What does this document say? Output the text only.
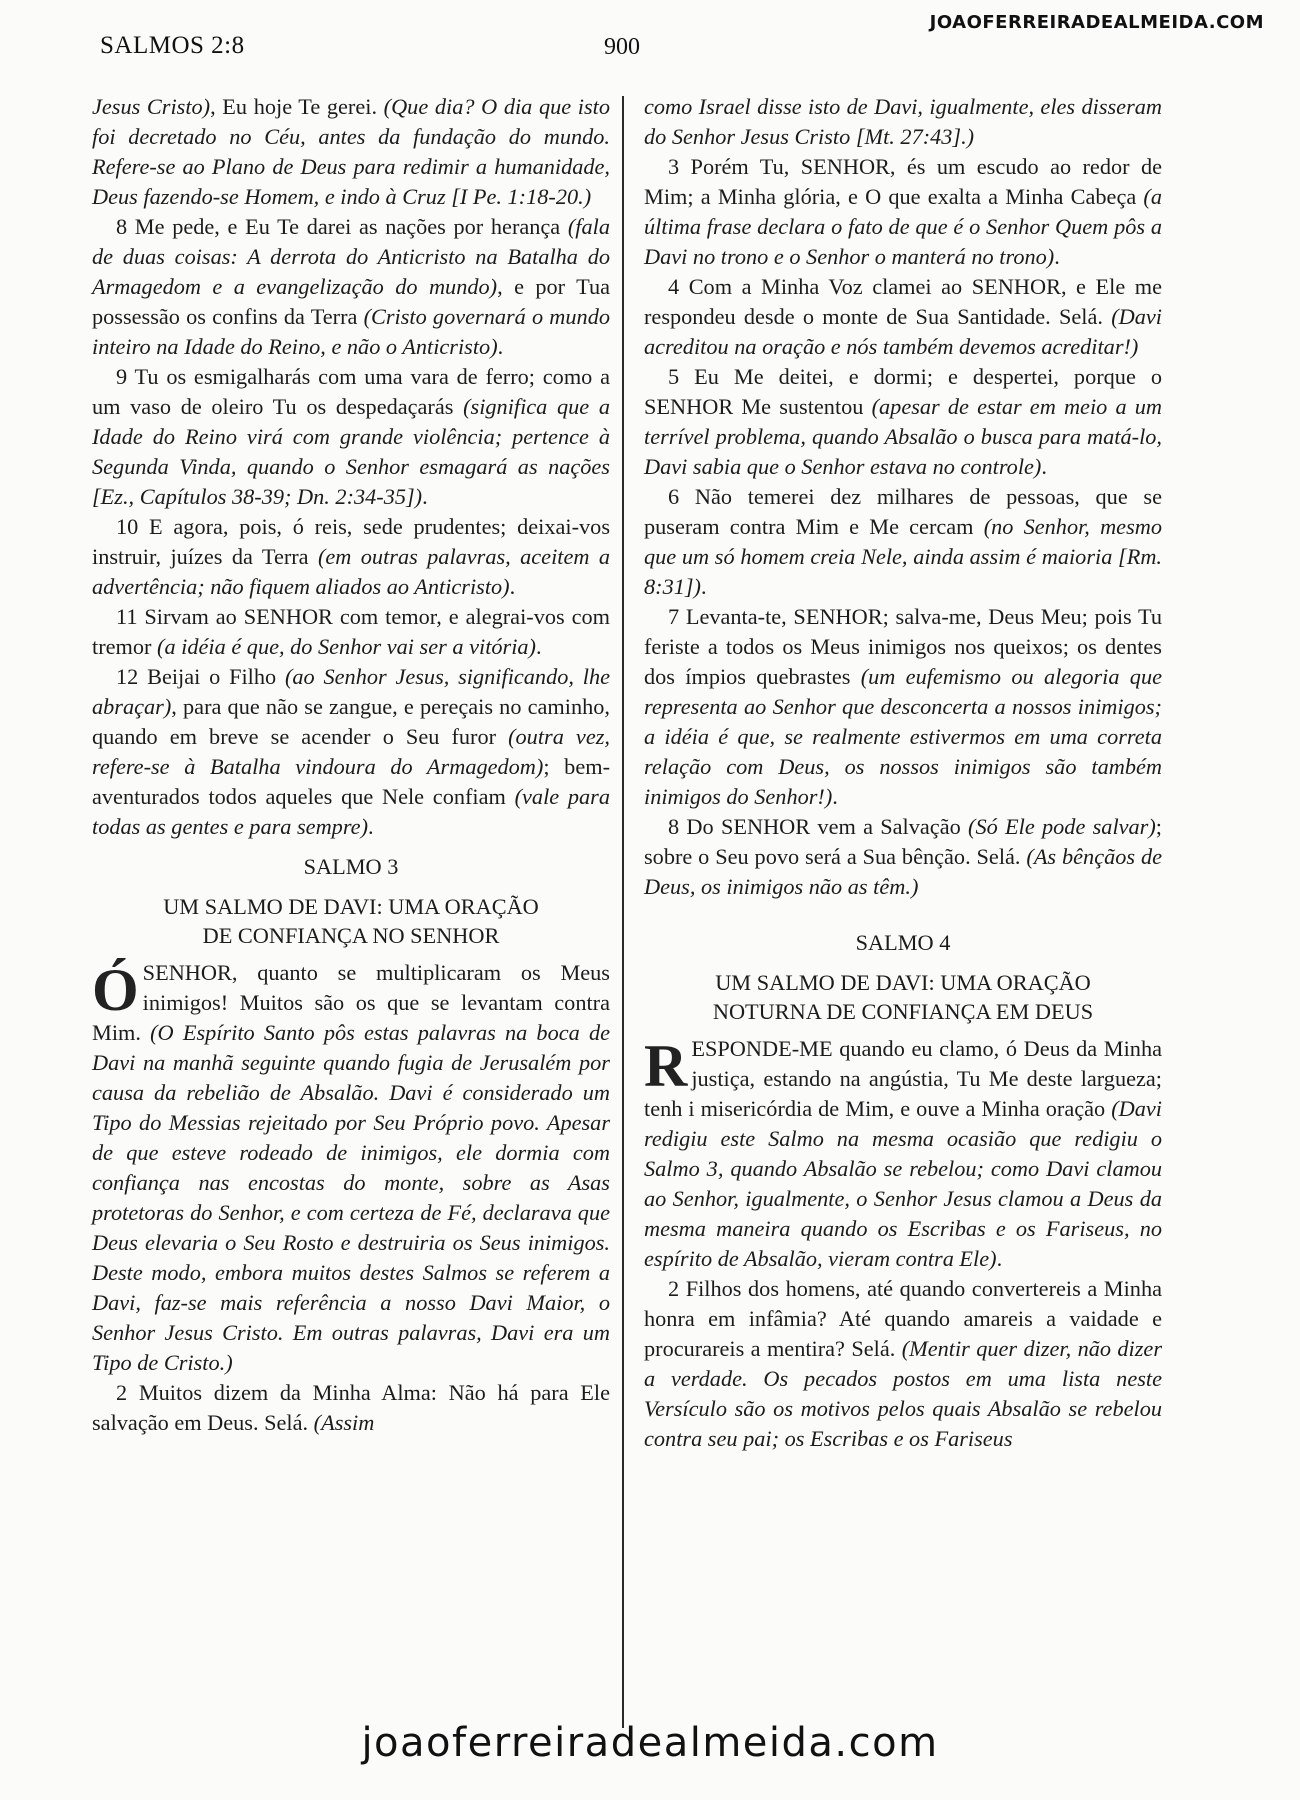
JOAOFERREIRADEALMEIDA.COM
SALMOS 2:8	900

Jesus Cristo), Eu hoje Te gerei. (Que dia? O dia que isto foi decretado no Céu, antes da fundação do mundo. Refere-se ao Plano de Deus para redimir a humanidade, Deus fazendo-se Homem, e indo à Cruz [I Pe. 1:18-20.)

8 Me pede, e Eu Te darei as nações por herança (fala de duas coisas: A derrota do Anticristo na Batalha do Armagedom e a evangelização do mundo), e por Tua possessão os confins da Terra (Cristo governará o mundo inteiro na Idade do Reino, e não o Anticristo).

9 Tu os esmigalharás com uma vara de ferro; como a um vaso de oleiro Tu os despedaçarás (significa que a Idade do Reino virá com grande violência; pertence à Segunda Vinda, quando o Senhor esmagará as nações [Ez., Capítulos 38-39; Dn. 2:34-35]).

10 E agora, pois, ó reis, sede prudentes; deixai-vos instruir, juízes da Terra (em outras palavras, aceitem a advertência; não fiquem aliados ao Anticristo).

11 Sirvam ao SENHOR com temor, e alegrai-vos com tremor (a idéia é que, do Senhor vai ser a vitória).

12 Beijai o Filho (ao Senhor Jesus, significando, lhe abraçar), para que não se zangue, e pereçais no caminho, quando em breve se acender o Seu furor (outra vez, refere-se à Batalha vindoura do Armagedom); bem-aventurados todos aqueles que Nele confiam (vale para todas as gentes e para sempre).

SALMO 3
UM SALMO DE DAVI: UMA ORAÇÃO
DE CONFIANÇA NO SENHOR

ÓSENHOR, quanto se multiplicaram os Meus inimigos! Muitos são os que se levantam contra Mim. (O Espírito Santo pôs estas palavras na boca de Davi na manhã seguinte quando fugia de Jerusalém por causa da rebelião de Absalão. Davi é considerado um Tipo do Messias rejeitado por Seu Próprio povo. Apesar de que esteve rodeado de inimigos, ele dormia com confiança nas encostas do monte, sobre as Asas protetoras do Senhor, e com certeza de Fé, declarava que Deus elevaria o Seu Rosto e destruiria os Seus inimigos. Deste modo, embora muitos destes Salmos se referem a Davi, faz-se mais referência a nosso Davi Maior, o Senhor Jesus Cristo. Em outras palavras, Davi era um Tipo de Cristo.)

2 Muitos dizem da Minha Alma: Não há para Ele salvação em Deus. Selá. (Assim

como Israel disse isto de Davi, igualmente, eles disseram do Senhor Jesus Cristo [Mt. 27:43].)

3 Porém Tu, SENHOR, és um escudo ao redor de Mim; a Minha glória, e O que exalta a Minha Cabeça (a última frase declara o fato de que é o Senhor Quem pôs a Davi no trono e o Senhor o manterá no trono).

4 Com a Minha Voz clamei ao SENHOR, e Ele me respondeu desde o monte de Sua Santidade. Selá. (Davi acreditou na oração e nós também devemos acreditar!)

5 Eu Me deitei, e dormi; e despertei, porque o SENHOR Me sustentou (apesar de estar em meio a um terrível problema, quando Absalão o busca para matá-lo, Davi sabia que o Senhor estava no controle).

6 Não temerei dez milhares de pessoas, que se puseram contra Mim e Me cercam (no Senhor, mesmo que um só homem creia Nele, ainda assim é maioria [Rm. 8:31]).

7 Levanta-te, SENHOR; salva-me, Deus Meu; pois Tu feriste a todos os Meus inimigos nos queixos; os dentes dos ímpios quebrastes (um eufemismo ou alegoria que representa ao Senhor que desconcerta a nossos inimigos; a idéia é que, se realmente estivermos em uma correta relação com Deus, os nossos inimigos são também inimigos do Senhor!).

8 Do SENHOR vem a Salvação (Só Ele pode salvar); sobre o Seu povo será a Sua bênção. Selá. (As bênçãos de Deus, os inimigos não as têm.)

SALMO 4
UM SALMO DE DAVI: UMA ORAÇÃO
NOTURNA DE CONFIANÇA EM DEUS

RESPONDE-ME quando eu clamo, ó Deus da Minha justiça, estando na angústia, Tu Me deste largueza; tenh i misericórdia de Mim, e ouve a Minha oração (Davi redigiu este Salmo na mesma ocasião que redigiu o Salmo 3, quando Absalão se rebelou; como Davi clamou ao Senhor, igualmente, o Senhor Jesus clamou a Deus da mesma maneira quando os Escribas e os Fariseus, no espírito de Absalão, vieram contra Ele).

2 Filhos dos homens, até quando convertereis a Minha honra em infâmia? Até quando amareis a vaidade e procurareis a mentira? Selá. (Mentir quer dizer, não dizer a verdade. Os pecados postos em uma lista neste Versículo são os motivos pelos quais Absalão se rebelou contra seu pai; os Escribas e os Fariseus

joaoferreiradealmeida.com
